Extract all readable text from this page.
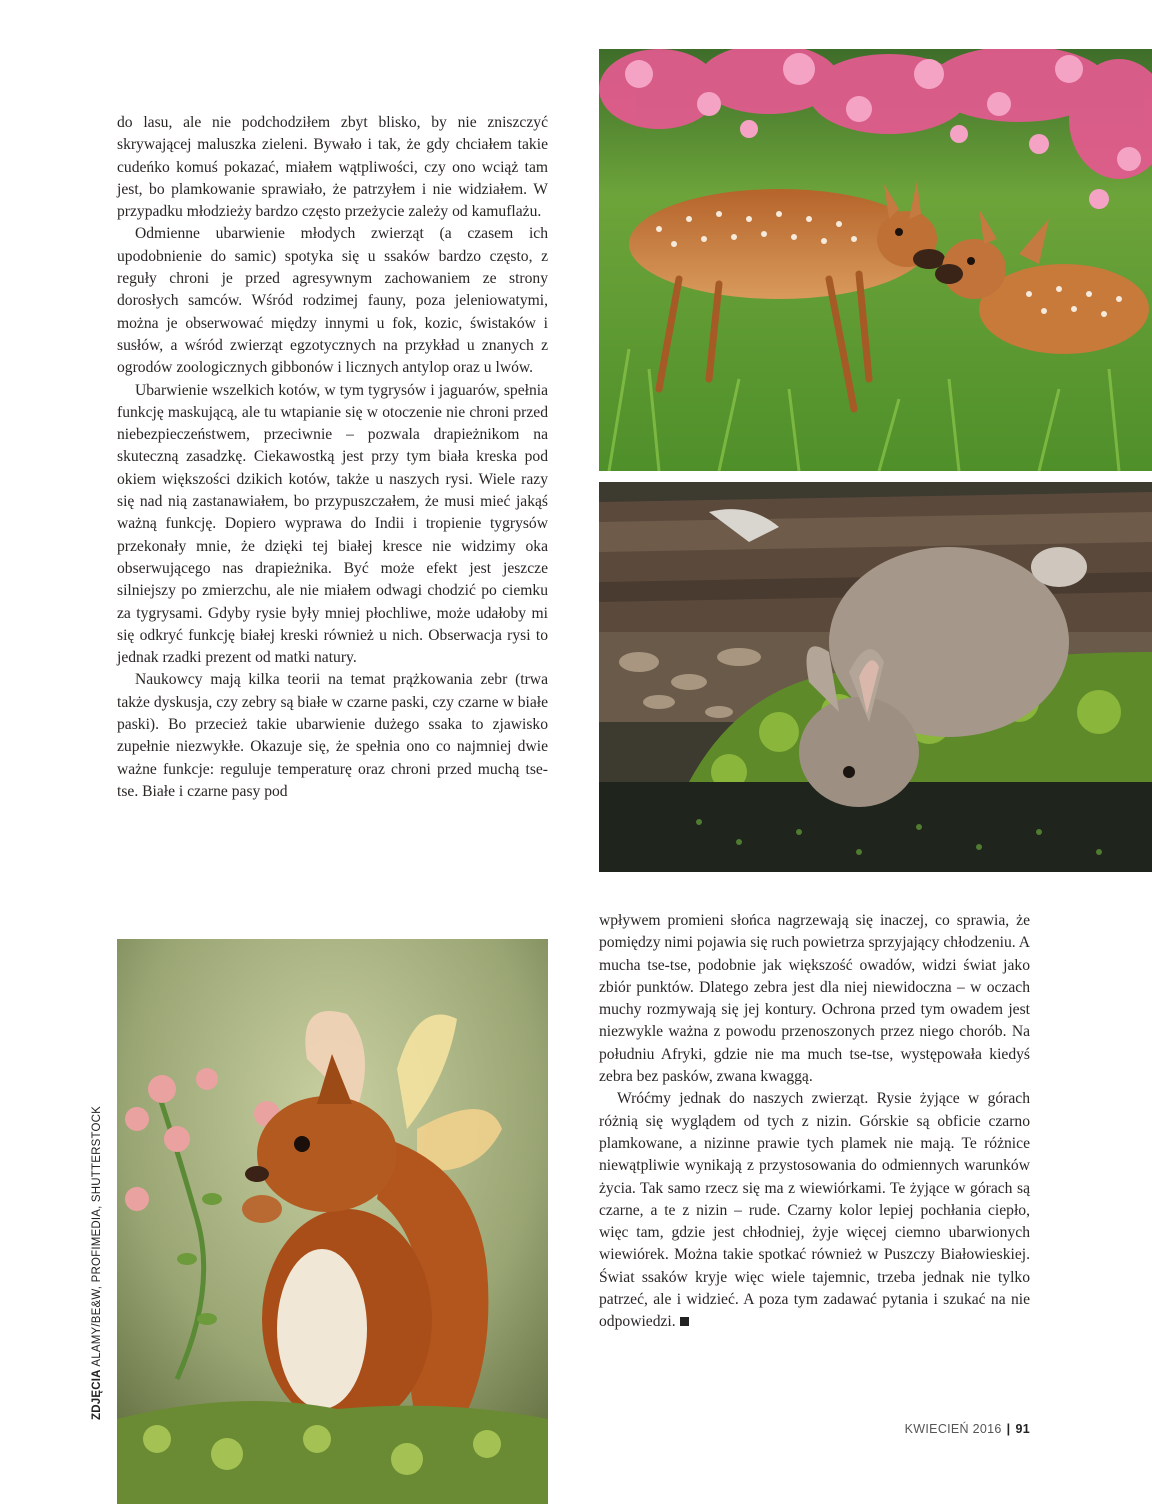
do lasu, ale nie podchodziłem zbyt blisko, by nie zniszczyć skrywającej maluszka zieleni. Bywało i tak, że gdy chciałem takie cudeńko komuś pokazać, miałem wątpliwości, czy ono wciąż tam jest, bo plamkowanie sprawiało, że patrzyłem i nie widziałem. W przypadku młodzieży bardzo często przeżycie zależy od kamuflażu.

Odmienne ubarwienie młodych zwierząt (a czasem ich upodobnienie do samic) spotyka się u ssaków bardzo często, z reguły chroni je przed agresywnym zachowaniem ze strony dorosłych samców. Wśród rodzimej fauny, poza jeleniowatymi, można je obserwować między innymi u fok, kozic, świstaków i susłów, a wśród zwierząt egzotycznych na przykład u znanych z ogrodów zoologicznych gibbonów i licznych antylop oraz u lwów.

Ubarwienie wszelkich kotów, w tym tygrysów i jaguarów, spełnia funkcję maskującą, ale tu wtapianie się w otoczenie nie chroni przed niebezpieczeństwem, przeciwnie – pozwala drapieżnikom na skuteczną zasadzkę. Ciekawostką jest przy tym biała kreska pod okiem większości dzikich kotów, także u naszych rysi. Wiele razy się nad nią zastanawiałem, bo przypuszczałem, że musi mieć jakąś ważną funkcję. Dopiero wyprawa do Indii i tropienie tygrysów przekonały mnie, że dzięki tej białej kresce nie widzimy oka obserwującego nas drapieżnika. Być może efekt jest jeszcze silniejszy po zmierzchu, ale nie miałem odwagi chodzić po ciemku za tygrysami. Gdyby rysie były mniej płochliwe, może udałoby mi się odkryć funkcję białej kreski również u nich. Obserwacja rysi to jednak rzadki prezent od matki natury.

Naukowcy mają kilka teorii na temat prążkowania zebr (trwa także dyskusja, czy zebry są białe w czarne paski, czy czarne w białe paski). Bo przecież takie ubarwienie dużego ssaka to zjawisko zupełnie niezwykłe. Okazuje się, że spełnia ono co najmniej dwie ważne funkcje: reguluje temperaturę oraz chroni przed muchą tse-tse. Białe i czarne pasy pod

wpływem promieni słońca nagrzewają się inaczej, co sprawia, że pomiędzy nimi pojawia się ruch powietrza sprzyjający chłodzeniu. A mucha tse-tse, podobnie jak większość owadów, widzi świat jako zbiór punktów. Dlatego zebra jest dla niej niewidoczna – w oczach muchy rozmywają się jej kontury. Ochrona przed tym owadem jest niezwykle ważna z powodu przenoszonych przez niego chorób. Na południu Afryki, gdzie nie ma much tse-tse, występowała kiedyś zebra bez pasków, zwana kwaggą.

Wróćmy jednak do naszych zwierząt. Rysie żyjące w górach różnią się wyglądem od tych z nizin. Górskie są obficie czarno plamkowane, a nizinne prawie tych plamek nie mają. Te różnice niewątpliwie wynikają z przystosowania do odmiennych warunków życia. Tak samo rzecz się ma z wiewiórkami. Te żyjące w górach są czarne, a te z nizin – rude. Czarny kolor lepiej pochłania ciepło, więc tam, gdzie jest chłodniej, żyje więcej ciemno ubarwionych wiewiórek. Można takie spotkać również w Puszczy Białowieskiej. Świat ssaków kryje więc wiele tajemnic, trzeba jednak nie tylko patrzeć, ale i widzieć. A poza tym zadawać pytania i szukać na nie odpowiedzi.

ZDJĘCIA ALAMY/BE&W, PROFIMEDIA, SHUTTERSTOCK
KWIECIEŃ 2016 | 91
